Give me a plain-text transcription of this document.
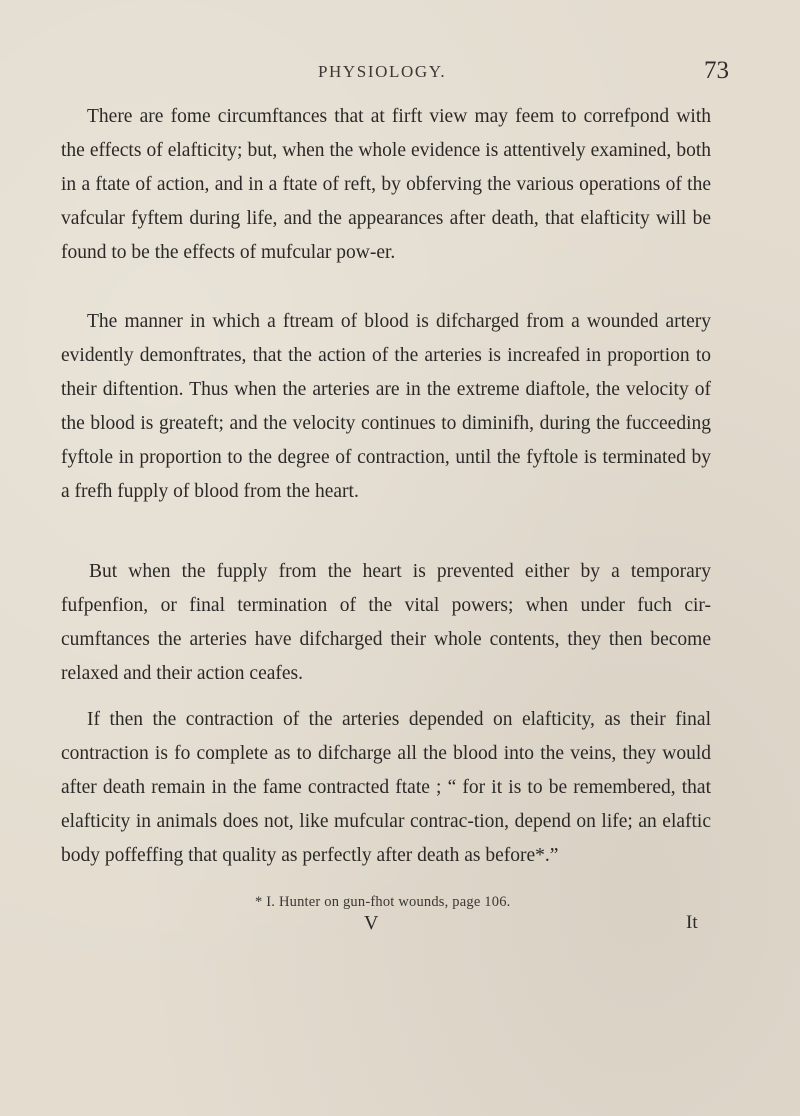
PHYSIOLOGY.	73

There are fome circumftances that at firft view may feem to correfpond with the effects of elafticity; but, when the whole evidence is attentively examined, both in a ftate of action, and in a ftate of reft, by obferving the various operations of the vafcular fyftem during life, and the appearances after death, that elafticity will be found to be the effects of mufcular pow-er.

The manner in which a ftream of blood is difcharged from a wounded artery evidently demonftrates, that the action of the arteries is increafed in proportion to their diftention. Thus when the arteries are in the extreme diaftole, the velocity of the blood is greateft; and the velocity continues to diminifh, during the fucceeding fyftole in proportion to the degree of contraction, until the fyftole is terminated by a frefh fupply of blood from the heart.

But when the fupply from the heart is prevented either by a temporary fufpenfion, or final termination of the vital powers; when under fuch cir-cumftances the arteries have difcharged their whole contents, they then become relaxed and their action ceafes.

If then the contraction of the arteries depended on elafticity, as their final contraction is fo complete as to difcharge all the blood into the veins, they would after death remain in the fame contracted ftate ; “ for it is to be remembered, that elafticity in animals does not, like mufcular contrac-tion, depend on life; an elaftic body poffeffing that quality as perfectly after death as before*.”

* I. Hunter on gun-fhot wounds, page 106.
V	It
